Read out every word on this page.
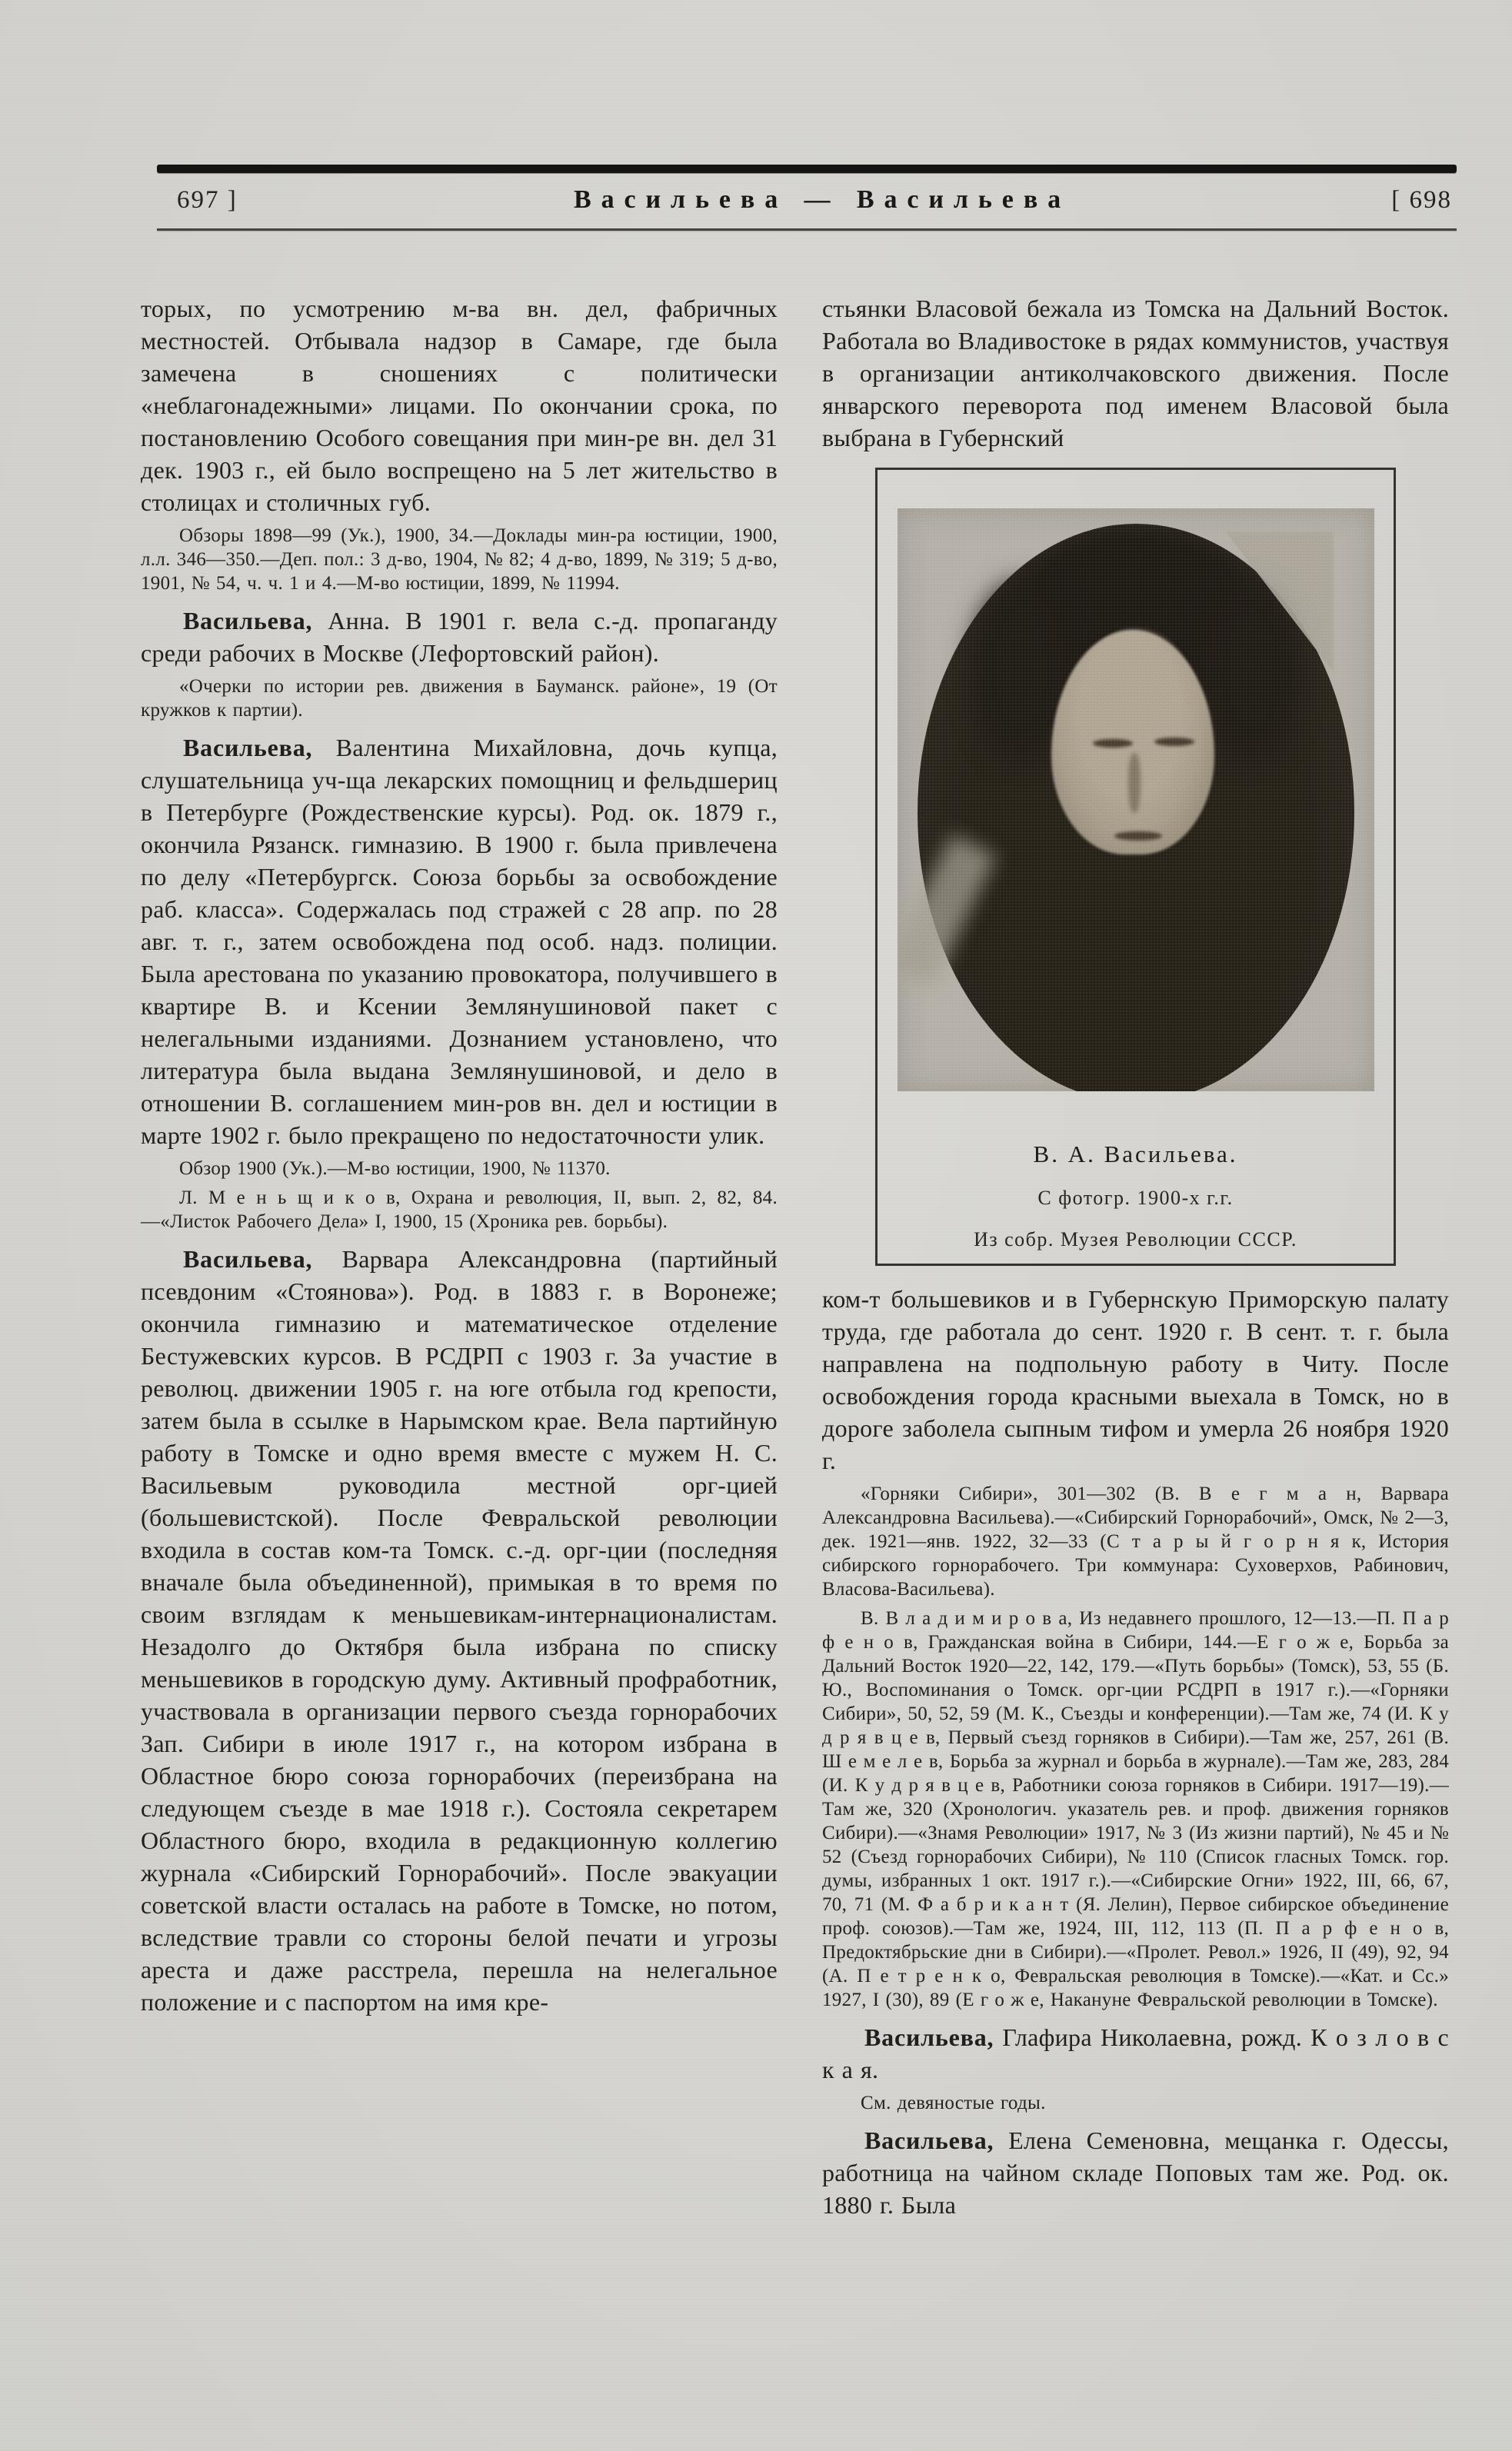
697 ]	Васильева — Васильева	[ 698

торых, по усмотрению м-ва вн. дел, фабричных местностей. Отбывала надзор в Самаре, где была замечена в сношениях с политически «неблагонадежными» лицами. По окончании срока, по постановлению Особого совещания при мин-ре вн. дел 31 дек. 1903 г., ей было воспрещено на 5 лет жительство в столицах и столичных губ.

Обзоры 1898—99 (Ук.), 1900, 34.—Доклады мин-ра юстиции, 1900, л.л. 346—350.—Деп. пол.: 3 д-во, 1904, № 82; 4 д-во, 1899, № 319; 5 д-во, 1901, № 54, ч. ч. 1 и 4.—М-во юстиции, 1899, № 11994.

Васильева, Анна. В 1901 г. вела с.-д. пропаганду среди рабочих в Москве (Лефортовский район).

«Очерки по истории рев. движения в Бауманск. районе», 19 (От кружков к партии).

Васильева, Валентина Михайловна, дочь купца, слушательница уч-ща лекарских помощниц и фельдшериц в Петербурге (Рождественские курсы). Род. ок. 1879 г., окончила Рязанск. гимназию. В 1900 г. была привлечена по делу «Петербургск. Союза борьбы за освобождение раб. класса». Содержалась под стражей с 28 апр. по 28 авг. т. г., затем освобождена под особ. надз. полиции. Была арестована по указанию провокатора, получившего в квартире В. и Ксении Землянушиновой пакет с нелегальными изданиями. Дознанием установлено, что литература была выдана Землянушиновой, и дело в отношении В. соглашением мин-ров вн. дел и юстиции в марте 1902 г. было прекращено по недостаточности улик.

Обзор 1900 (Ук.).—М-во юстиции, 1900, № 11370.

Л. М е н ь щ и к о в, Охрана и революция, II, вып. 2, 82, 84.—«Листок Рабочего Дела» I, 1900, 15 (Хроника рев. борьбы).

Васильева, Варвара Александровна (партийный псевдоним «Стоянова»). Род. в 1883 г. в Воронеже; окончила гимназию и математическое отделение Бестужевских курсов. В РСДРП с 1903 г. За участие в революц. движении 1905 г. на юге отбыла год крепости, затем была в ссылке в Нарымском крае. Вела партийную работу в Томске и одно время вместе с мужем Н. С. Васильевым руководила местной орг-цией (большевистской). После Февральской революции входила в состав ком-та Томск. с.-д. орг-ции (последняя вначале была объединенной), примыкая в то время по своим взглядам к меньшевикам-интернационалистам. Незадолго до Октября была избрана по списку меньшевиков в городскую думу. Активный профработник, участвовала в организации первого съезда горнорабочих Зап. Сибири в июле 1917 г., на котором избрана в Областное бюро союза горнорабочих (переизбрана на следующем съезде в мае 1918 г.). Состояла секретарем Областного бюро, входила в редакционную коллегию журнала «Сибирский Горнорабочий». После эвакуации советской власти осталась на работе в Томске, но потом, вследствие травли со стороны белой печати и угрозы ареста и даже расстрела, перешла на нелегальное положение и с паспортом на имя кре-

стьянки Власовой бежала из Томска на Дальний Восток. Работала во Владивостоке в рядах коммунистов, участвуя в организации антиколчаковского движения. После январского переворота под именем Власовой была выбрана в Губернский

В. А. Васильева.
С фотогр. 1900-х г.г.
Из собр. Музея Революции СССР.

ком-т большевиков и в Губернскую Приморскую палату труда, где работала до сент. 1920 г. В сент. т. г. была направлена на подпольную работу в Читу. После освобождения города красными выехала в Томск, но в дороге заболела сыпным тифом и умерла 26 ноября 1920 г.

«Горняки Сибири», 301—302 (В. В е г м а н, Варвара Александровна Васильева).—«Сибирский Горнорабочий», Омск, № 2—3, дек. 1921—янв. 1922, 32—33 (С т а р ы й г о р н я к, История сибирского горнорабочего. Три коммунара: Суховерхов, Рабинович, Власова-Васильева).

В. В л а д и м и р о в а, Из недавнего прошлого, 12—13.—П. П а р ф е н о в, Гражданская война в Сибири, 144.—Е г о ж е, Борьба за Дальний Восток 1920—22, 142, 179.—«Путь борьбы» (Томск), 53, 55 (Б. Ю., Воспоминания о Томск. орг-ции РСДРП в 1917 г.).—«Горняки Сибири», 50, 52, 59 (М. К., Съезды и конференции).—Там же, 74 (И. К у д р я в ц е в, Первый съезд горняков в Сибири).—Там же, 257, 261 (В. Ш е м е л е в, Борьба за журнал и борьба в журнале).—Там же, 283, 284 (И. К у д р я в ц е в, Работники союза горняков в Сибири. 1917—19).—Там же, 320 (Хронологич. указатель рев. и проф. движения горняков Сибири).—«Знамя Революции» 1917, № 3 (Из жизни партий), № 45 и № 52 (Съезд горнорабочих Сибири), № 110 (Список гласных Томск. гор. думы, избранных 1 окт. 1917 г.).—«Сибирские Огни» 1922, III, 66, 67, 70, 71 (М. Ф а б р и к а н т (Я. Лелин), Первое сибирское объединение проф. союзов).—Там же, 1924, III, 112, 113 (П. П а р ф е н о в, Предоктябрьские дни в Сибири).—«Пролет. Револ.» 1926, II (49), 92, 94 (А. П е т р е н к о, Февральская революция в Томске).—«Кат. и Сс.» 1927, I (30), 89 (Е г о ж е, Накануне Февральской революции в Томске).

Васильева, Глафира Николаевна, рожд. К о з л о в с к а я.

См. девяностые годы.

Васильева, Елена Семеновна, мещанка г. Одессы, работница на чайном складе Поповых там же. Род. ок. 1880 г. Была
